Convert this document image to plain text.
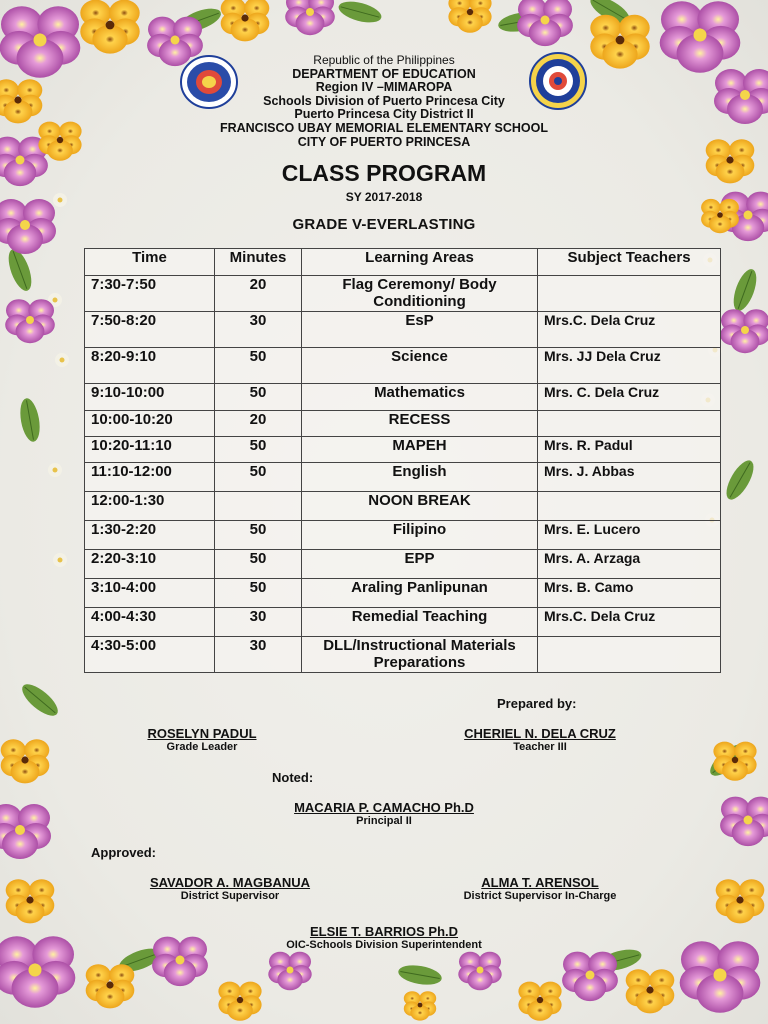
Republic of the Philippines
DEPARTMENT OF EDUCATION
Region IV –MIMAROPA
Schools Division of Puerto Princesa City
Puerto Princesa City District II
FRANCISCO UBAY MEMORIAL ELEMENTARY SCHOOL
CITY OF PUERTO PRINCESA
CLASS PROGRAM
SY 2017-2018
GRADE V-EVERLASTING
Time	Minutes	Learning Areas	Subject Teachers
7:30-7:50	20	Flag Ceremony/ Body Conditioning	
7:50-8:20	30	EsP	Mrs.C. Dela Cruz
8:20-9:10	50	Science	Mrs. JJ Dela Cruz
9:10-10:00	50	Mathematics	Mrs. C. Dela Cruz
10:00-10:20	20	RECESS	
10:20-11:10	50	MAPEH	Mrs. R. Padul
11:10-12:00	50	English	Mrs. J. Abbas
12:00-1:30		NOON BREAK	
1:30-2:20	50	Filipino	Mrs. E. Lucero
2:20-3:10	50	EPP	Mrs. A. Arzaga
3:10-4:00	50	Araling Panlipunan	Mrs. B. Camo
4:00-4:30	30	Remedial Teaching	Mrs.C. Dela Cruz
4:30-5:00	30	DLL/Instructional Materials Preparations	
Prepared by:
ROSELYN PADUL
Grade Leader
CHERIEL N. DELA CRUZ
Teacher III
Noted:
MACARIA P. CAMACHO Ph.D
Principal II
Approved:
SAVADOR A. MAGBANUA
District Supervisor
ALMA T. ARENSOL
District Supervisor In-Charge
ELSIE T. BARRIOS Ph.D
OIC-Schools Division Superintendent
